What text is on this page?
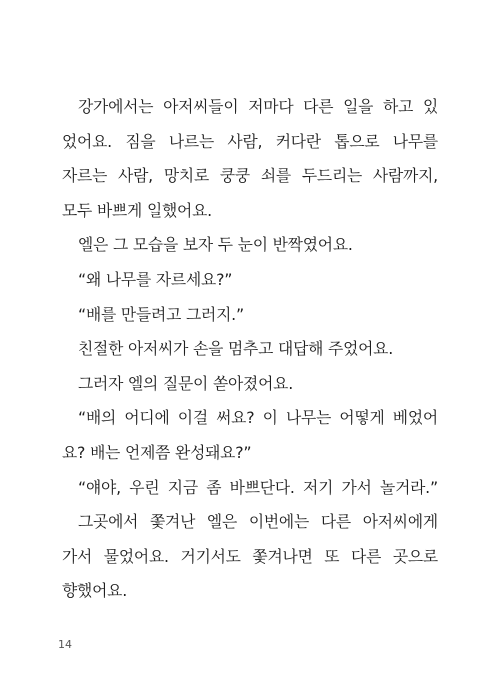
강가에서는 아저씨들이 저마다 다른 일을 하고 있
었어요. 짐을 나르는 사람, 커다란 톱으로 나무를
자르는 사람, 망치로 쿵쿵 쇠를 두드리는 사람까지,
모두 바쁘게 일했어요.
엘은 그 모습을 보자 두 눈이 반짝였어요.
“왜 나무를 자르세요?”
“배를 만들려고 그러지.”
친절한 아저씨가 손을 멈추고 대답해 주었어요.
그러자 엘의 질문이 쏟아졌어요.
“배의 어디에 이걸 써요? 이 나무는 어떻게 베었어
요? 배는 언제쯤 완성돼요?”
“얘야, 우린 지금 좀 바쁘단다. 저기 가서 놀거라.”
그곳에서 쫓겨난 엘은 이번에는 다른 아저씨에게
가서 물었어요. 거기서도 쫓겨나면 또 다른 곳으로
향했어요.
14
